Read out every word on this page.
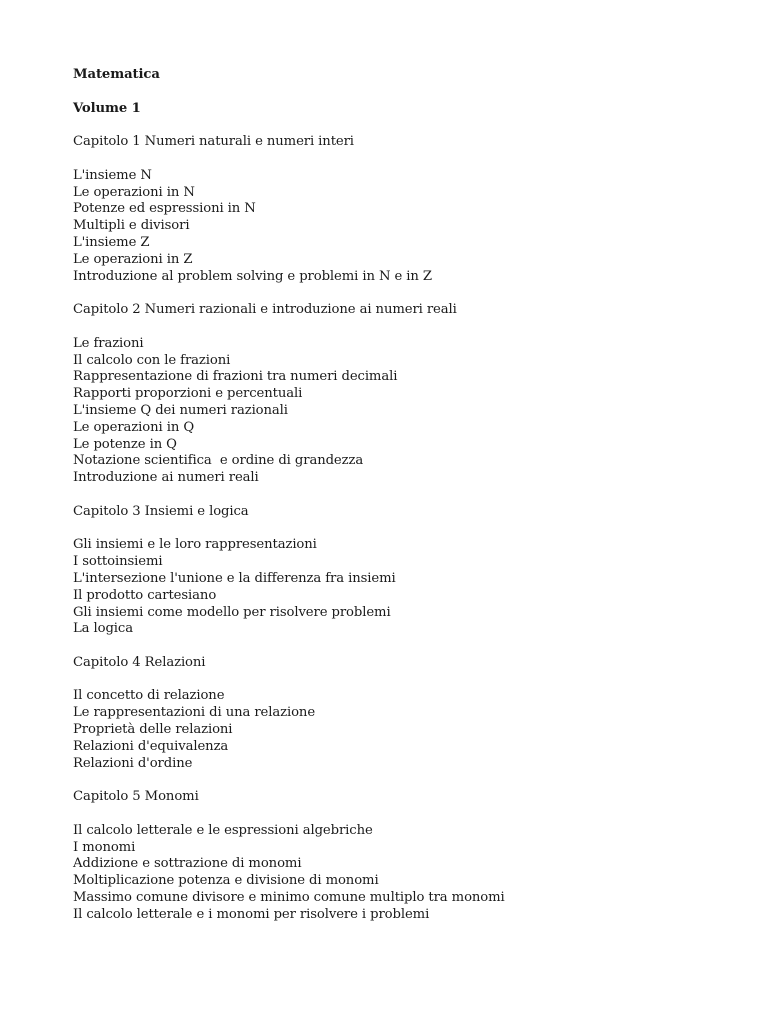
Matematica
Volume 1
Capitolo 1 Numeri naturali e numeri interi
L'insieme N
Le operazioni in N
Potenze ed espressioni in N
Multipli e divisori
L'insieme Z
Le operazioni in Z
Introduzione al problem solving e problemi in N e in Z
Capitolo 2 Numeri razionali e introduzione ai numeri reali
Le frazioni
Il calcolo con le frazioni
Rappresentazione di frazioni tra numeri decimali
Rapporti proporzioni e percentuali
L'insieme Q dei numeri razionali
Le operazioni in Q
Le potenze in Q
Notazione scientifica  e ordine di grandezza
Introduzione ai numeri reali
Capitolo 3 Insiemi e logica
Gli insiemi e le loro rappresentazioni
I sottoinsiemi
L'intersezione l'unione e la differenza fra insiemi
Il prodotto cartesiano
Gli insiemi come modello per risolvere problemi
La logica
Capitolo 4 Relazioni
Il concetto di relazione
Le rappresentazioni di una relazione
Proprietà delle relazioni
Relazioni d'equivalenza
Relazioni d'ordine
Capitolo 5 Monomi
Il calcolo letterale e le espressioni algebriche
I monomi
Addizione e sottrazione di monomi
Moltiplicazione potenza e divisione di monomi
Massimo comune divisore e minimo comune multiplo tra monomi
Il calcolo letterale e i monomi per risolvere i problemi
